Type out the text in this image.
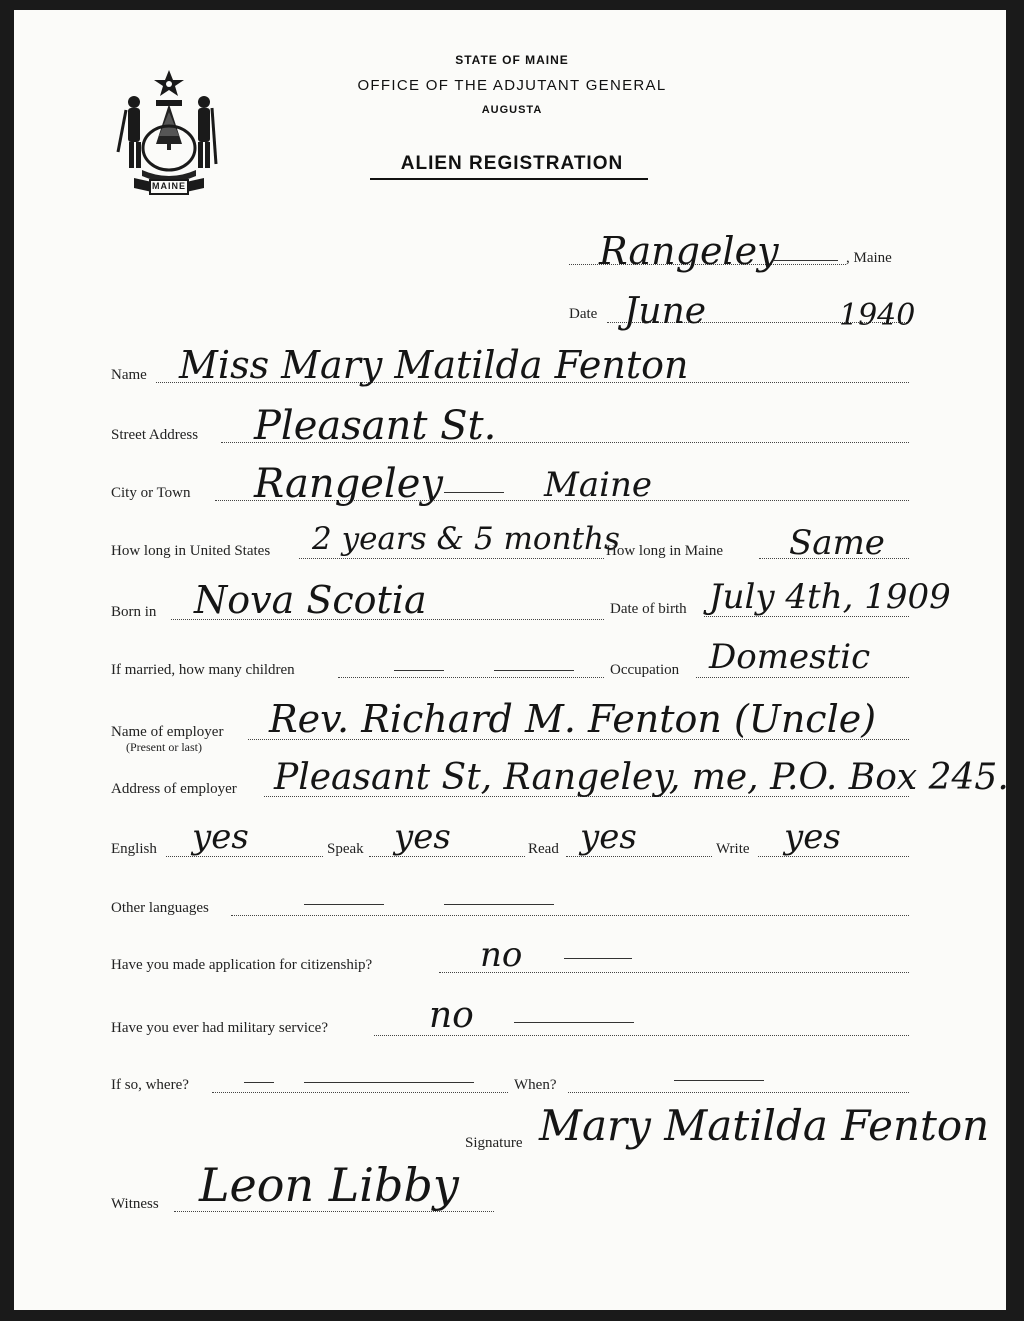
MAINE
STATE OF MAINE
OFFICE OF THE ADJUTANT GENERAL
AUGUSTA
ALIEN REGISTRATION
Rangeley	, Maine
Date June	1940
Name Miss Mary Matilda Fenton
Street Address Pleasant St.
City or Town Rangeley	Maine
How long in United States 2 years & 5 months
How long in Maine Same
Born in Nova Scotia	Date of birth July 4th, 1909
If married, how many children	Occupation Domestic
Name of employer
(Present or last)
Rev. Richard M. Fenton (Uncle)
Address of employer Pleasant St, Rangeley, me, P.O. Box 245.
English yes	Speak yes	Read yes	Write yes
Other languages
Have you made application for citizenship?	no
Have you ever had military service?	no
If so, where?	When?
Signature Mary Matilda Fenton
Witness Leon Libby
